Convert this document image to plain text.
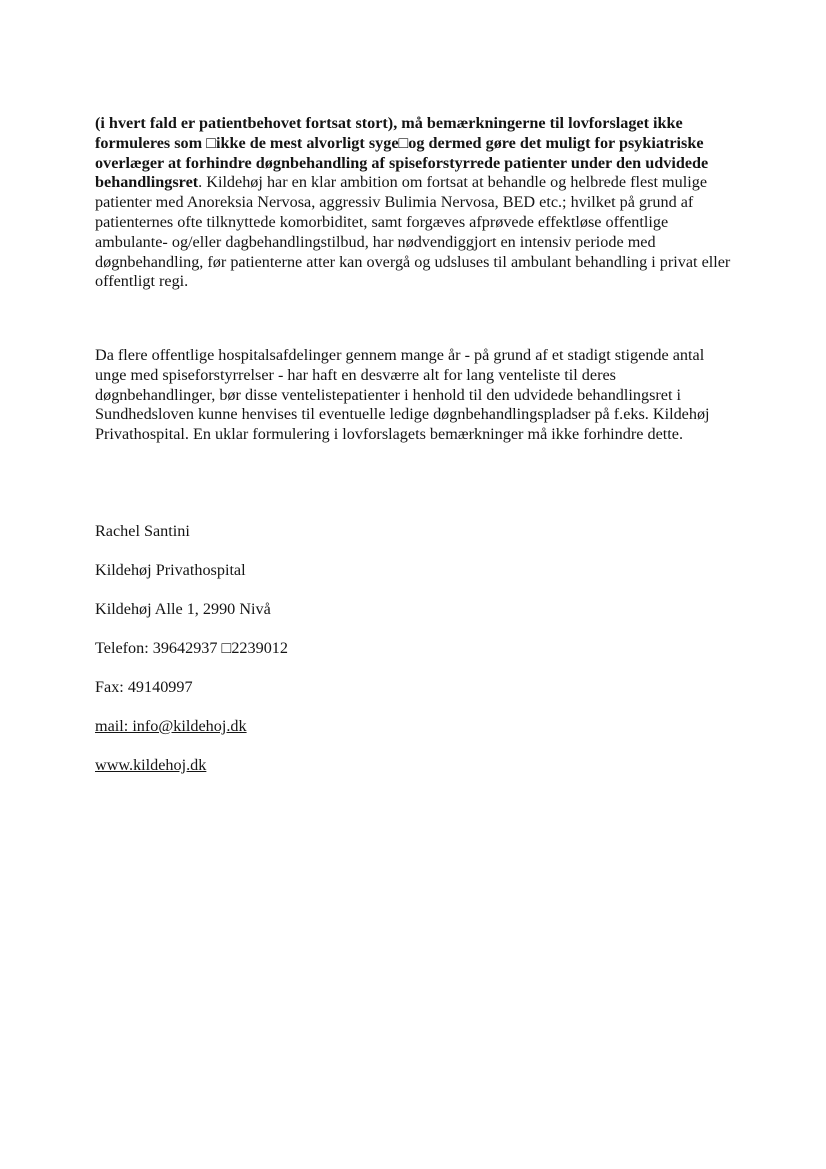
(i hvert fald er patientbehovet fortsat stort), må bemærkningerne til lovforslaget ikke formuleres som □ikke de mest alvorligt syge□og dermed gøre det muligt for psykiatriske overlæger at forhindre døgnbehandling af spiseforstyrrede patienter under den udvidede behandlingsret. Kildehøj har en klar ambition om fortsat at behandle og helbrede flest mulige patienter med Anoreksia Nervosa, aggressiv Bulimia Nervosa, BED etc.; hvilket på grund af patienternes ofte tilknyttede komorbiditet, samt forgæves afprøvede effektløse offentlige ambulante- og/eller dagbehandlingstilbud, har nødvendiggjort en intensiv periode med døgnbehandling, før patienterne atter kan overgå og udsluses til ambulant behandling i privat eller offentligt regi.

Da flere offentlige hospitalsafdelinger gennem mange år - på grund af et stadigt stigende antal unge med spiseforstyrrelser - har haft en desværre alt for lang venteliste til deres døgnbehandlinger, bør disse ventelistepatienter i henhold til den udvidede behandlingsret i Sundhedsloven kunne henvises til eventuelle ledige døgnbehandlingspladser på f.eks. Kildehøj Privathospital. En uklar formulering i lovforslagets bemærkninger må ikke forhindre dette.

Rachel Santini
Kildehøj Privathospital
Kildehøj Alle 1, 2990 Nivå
Telefon: 39642937 □2239012
Fax: 49140997
mail: info@kildehoj.dk
www.kildehoj.dk
